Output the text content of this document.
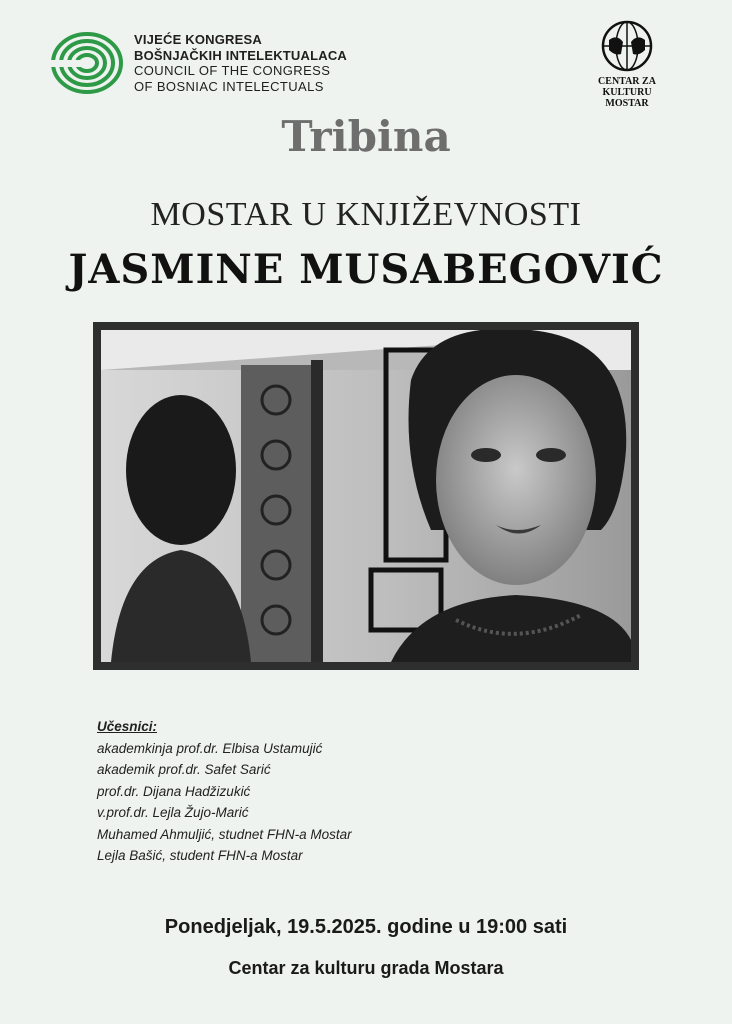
VIJEĆE KONGRESA
BOŠNJAČKIH INTELEKTUALACA
COUNCIL OF THE CONGRESS
OF BOSNIAC INTELECTUALS	CENTAR ZA KULTURU
MOSTAR
Tribina
MOSTAR U KNJIŽEVNOSTI
JASMINE MUSABEGOVIĆ
Učesnici:
akademkinja prof.dr. Elbisa Ustamujić
akademik prof.dr. Safet Sarić
prof.dr. Dijana Hadžizukić
v.prof.dr. Lejla Žujo-Marić
Muhamed Ahmuljić, studnet FHN-a Mostar
Lejla Bašić, student FHN-a Mostar
Ponedjeljak, 19.5.2025. godine u 19:00 sati
Centar za kulturu grada Mostara
